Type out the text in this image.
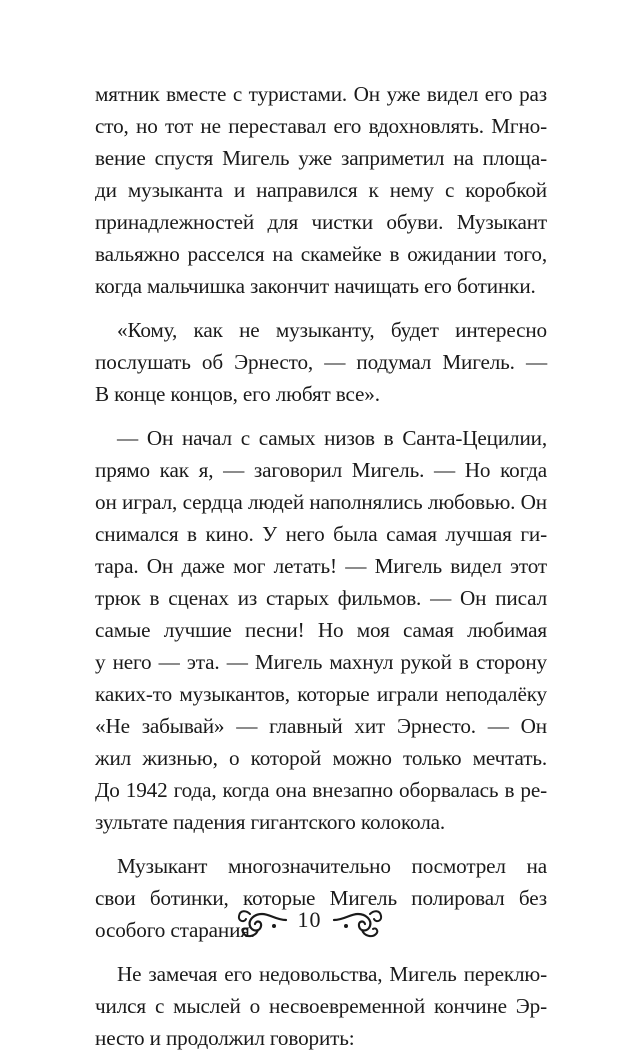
мятник вместе с туристами. Он уже видел его раз
сто, но тот не переставал его вдохновлять. Мгно-
вение спустя Мигель уже заприметил на площа-
ди музыканта и направился к нему с коробкой
принадлежностей для чистки обуви. Музыкант
вальяжно расселся на скамейке в ожидании того,
когда мальчишка закончит начищать его ботинки.
«Кому, как не музыканту, будет интересно
послушать об Эрнесто, — подумал Мигель. —
В конце концов, его любят все».
— Он начал с самых низов в Санта-Цецилии,
прямо как я, — заговорил Мигель. — Но когда
он играл, сердца людей наполнялись любовью. Он
снимался в кино. У него была самая лучшая ги-
тара. Он даже мог летать! — Мигель видел этот
трюк в сценах из старых фильмов. — Он писал
самые лучшие песни! Но моя самая любимая
у него — эта. — Мигель махнул рукой в сторону
каких-то музыкантов, которые играли неподалёку
«Не забывай» — главный хит Эрнесто. — Он
жил жизнью, о которой можно только мечтать.
До 1942 года, когда она внезапно оборвалась в ре-
зультате падения гигантского колокола.
Музыкант многозначительно посмотрел на
свои ботинки, которые Мигель полировал без
особого старания.
Не замечая его недовольства, Мигель переклю-
чился с мыслей о несвоевременной кончине Эр-
несто и продолжил говорить:
10
